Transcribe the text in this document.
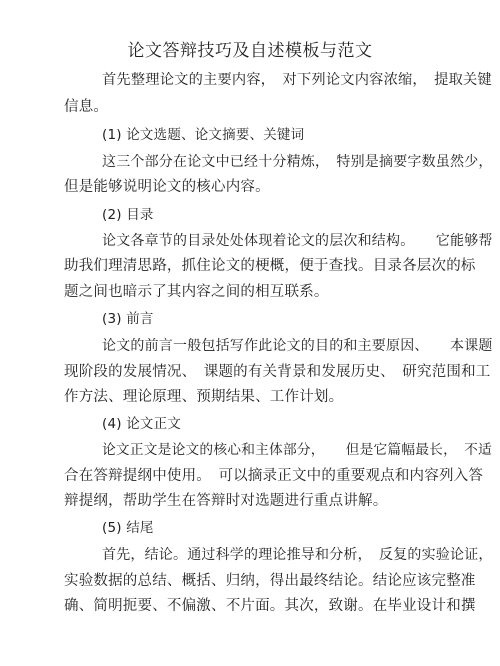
论文答辩技巧及自述模板与范文
首先整理论文的主要内容，　对下列论文内容浓缩，　提取关键
信息。
(1) 论文选题、论文摘要、关键词
这三个部分在论文中已经十分精炼，　特别是摘要字数虽然少，
但是能够说明论文的核心内容。
(2) 目录
论文各章节的目录处处体现着论文的层次和结构。　　它能够帮
助我们理清思路，抓住论文的梗概，便于查找。目录各层次的标
题之间也暗示了其内容之间的相互联系。
(3) 前言
论文的前言一般包括写作此论文的目的和主要原因、　　本课题
现阶段的发展情况、　课题的有关背景和发展历史、　研究范围和工
作方法、理论原理、预期结果、工作计划。
(4) 论文正文
论文正文是论文的核心和主体部分，　　但是它篇幅最长，　不适
合在答辩提纲中使用。　可以摘录正文中的重要观点和内容列入答
辩提纲，帮助学生在答辩时对选题进行重点讲解。
(5) 结尾
首先，结论。通过科学的理论推导和分析，　反复的实验论证，
实验数据的总结、概括、归纳，得出最终结论。结论应该完整准
确、简明扼要、不偏激、不片面。其次，致谢。在毕业设计和撰
